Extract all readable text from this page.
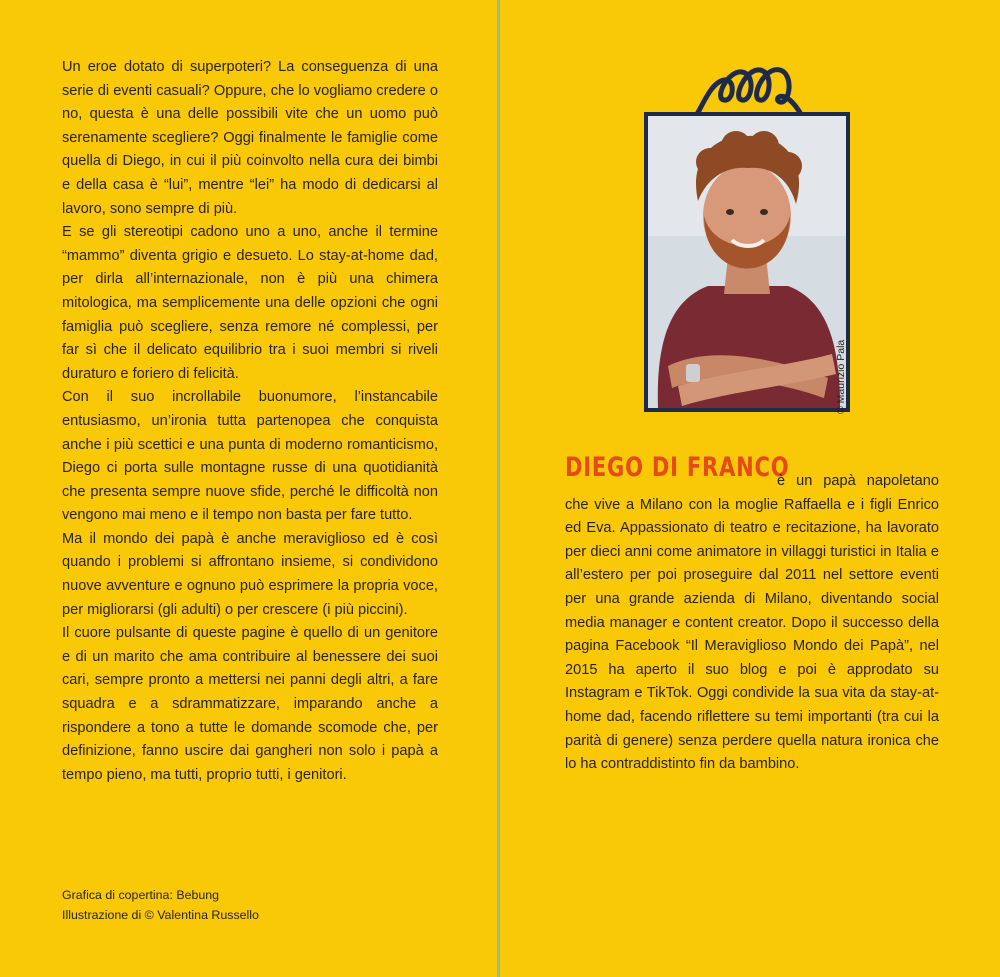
Un eroe dotato di superpoteri? La conseguenza di una serie di eventi casuali? Oppure, che lo vogliamo credere o no, questa è una delle possibili vite che un uomo può serenamente scegliere? Oggi finalmente le famiglie come quella di Diego, in cui il più coinvolto nella cura dei bimbi e della casa è “lui”, mentre “lei” ha modo di dedicarsi al lavoro, sono sempre di più.

E se gli stereotipi cadono uno a uno, anche il termine “mammo” diventa grigio e desueto. Lo stay-at-home dad, per dirla all’internazionale, non è più una chimera mitologica, ma semplicemente una delle opzioni che ogni famiglia può scegliere, senza remore né complessi, per far sì che il delicato equilibrio tra i suoi membri si riveli duraturo e foriero di felicità.

Con il suo incrollabile buonumore, l’instancabile entusiasmo, un’ironia tutta partenopea che conquista anche i più scettici e una punta di moderno romanticismo, Diego ci porta sulle montagne russe di una quotidianità che presenta sempre nuove sfide, perché le difficoltà non vengono mai meno e il tempo non basta per fare tutto.

Ma il mondo dei papà è anche meraviglioso ed è così quando i problemi si affrontano insieme, si condividono nuove avventure e ognuno può esprimere la propria voce, per migliorarsi (gli adulti) o per crescere (i più piccini).

Il cuore pulsante di queste pagine è quello di un genitore e di un marito che ama contribuire al benessere dei suoi cari, sempre pronto a mettersi nei panni degli altri, a fare squadra e a sdrammatizzare, imparando anche a rispondere a tono a tutte le domande scomode che, per definizione, fanno uscire dai gangheri non solo i papà a tempo pieno, ma tutti, proprio tutti, i genitori.

Grafica di copertina: Bebung
Illustrazione di © Valentina Russello
© Maurizio Pala
DIEGO DI FRANCO
è un papà napoletano che vive a Milano con la moglie Raffaella e i figli Enrico ed Eva. Appassionato di teatro e recitazione, ha lavorato per dieci anni come animatore in villaggi turistici in Italia e all’estero per poi proseguire dal 2011 nel settore eventi per una grande azienda di Milano, diventando social media manager e content creator. Dopo il successo della pagina Facebook “Il Meraviglioso Mondo dei Papà”, nel 2015 ha aperto il suo blog e poi è approdato su Instagram e TikTok. Oggi condivide la sua vita da stay-at-home dad, facendo riflettere su temi importanti (tra cui la parità di genere) senza perdere quella natura ironica che lo ha contraddistinto fin da bambino.
